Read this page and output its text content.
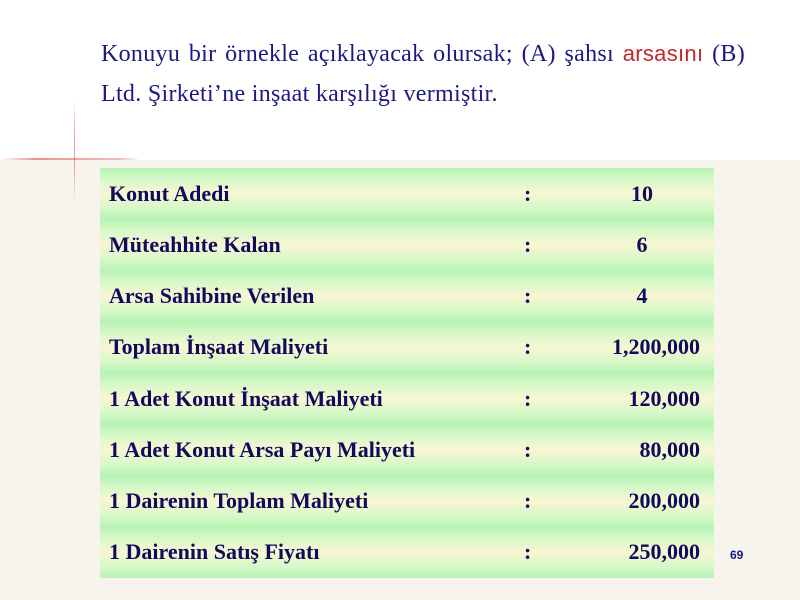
Konuyu bir örnekle açıklayacak olursak; (A) şahsı arsasını (B) Ltd. Şirketi’ne inşaat karşılığı vermiştir.
Konut Adedi	:	10
Müteahhite Kalan	:	6
Arsa Sahibine Verilen	:	4
Toplam İnşaat Maliyeti	:	1,200,000
1 Adet Konut İnşaat Maliyeti	:	120,000
1 Adet Konut Arsa Payı Maliyeti	:	80,000
1 Dairenin Toplam Maliyeti	:	200,000
1 Dairenin Satış Fiyatı	:	250,000	69
